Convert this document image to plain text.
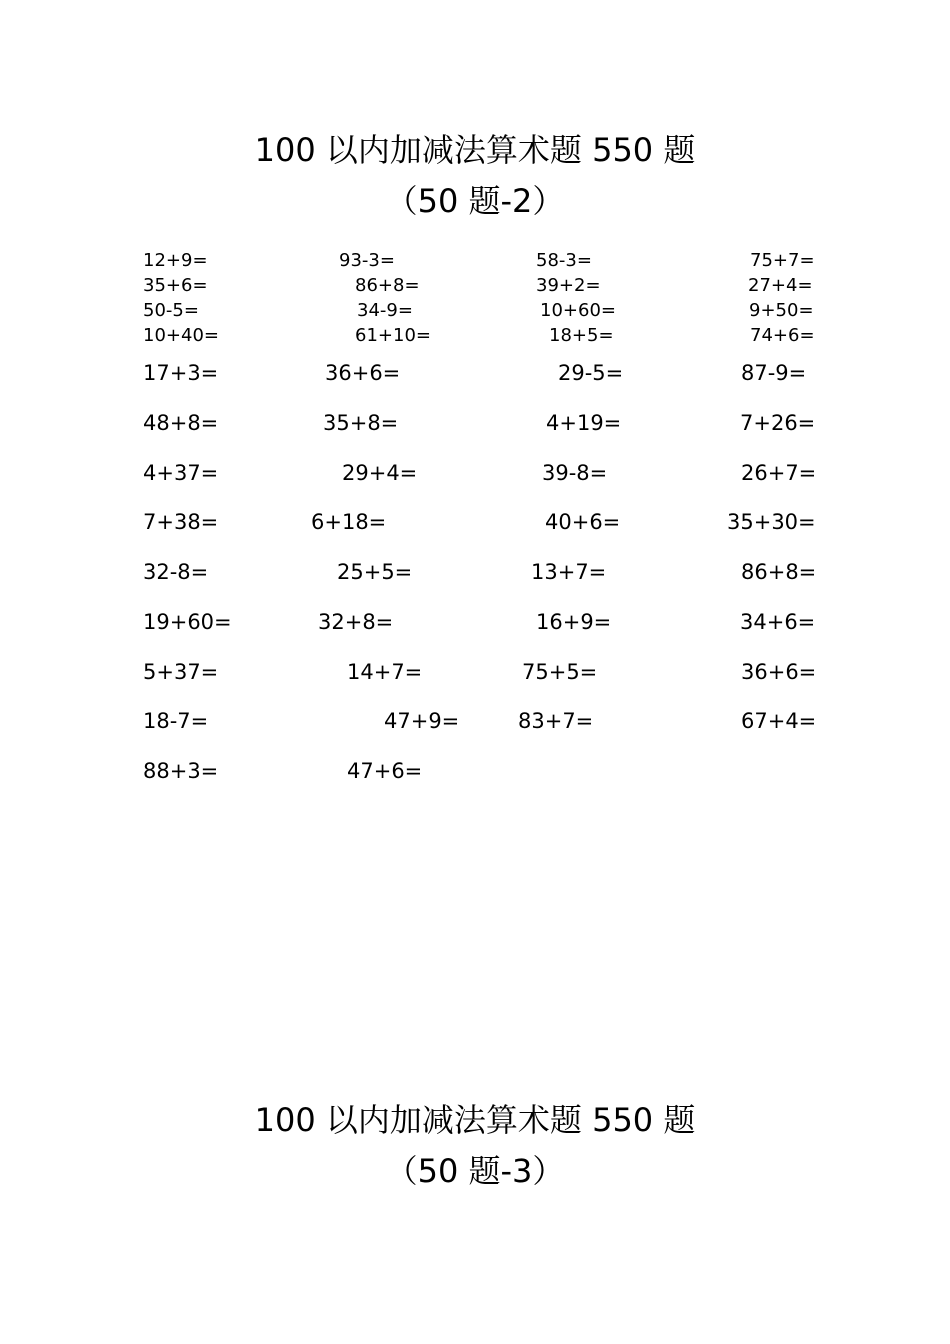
100 以内加减法算术题 550 题
（50 题-2）
12+9=	93-3=	58-3=	75+7=
35+6=	86+8=	39+2=	27+4=
50-5=	34-9=	10+60=	9+50=
10+40=	61+10=	18+5=	74+6=
17+3=	36+6=	29-5=	87-9=
48+8=	35+8=	4+19=	7+26=
4+37=	29+4=	39-8=	26+7=
7+38=	6+18=	40+6=	35+30=
32-8=	25+5=	13+7=	86+8=
19+60=	32+8=	16+9=	34+6=
5+37=	14+7=	75+5=	36+6=
18-7=	47+9=	83+7=	67+4=
88+3=	47+6=
100 以内加减法算术题 550 题
（50 题-3）
